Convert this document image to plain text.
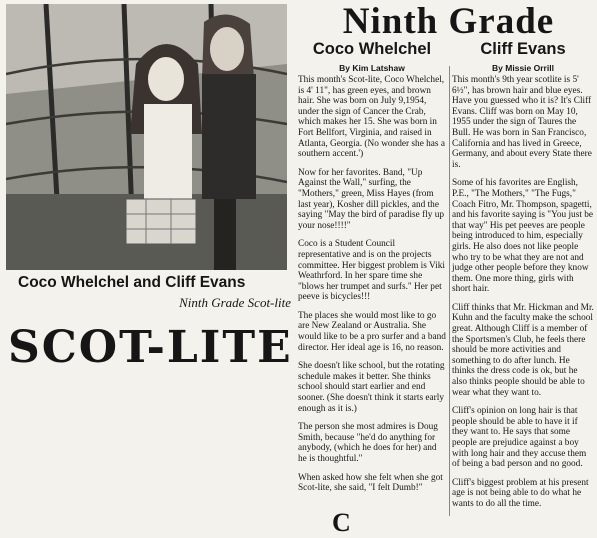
Coco Whelchel and Cliff Evans
Ninth Grade Scot-lite
SCOT-LITE
Ninth Grade
Coco Whelchel
By Kim Latshaw

This month's Scot-lite, Coco Whelchel, is 4' 11", has green eyes, and brown hair. She was born on July 9,1954, under the sign of Cancer the Crab, which makes her 15. She was born in Fort Bellfort, Virginia, and raised in Atlanta, Georgia. (No wonder she has a southern accent.')

Now for her favorites. Band, "Up Against the Wall," surfing, the "Mothers," green, Miss Hayes (from last year), Kosher dill pickles, and the saying "May the bird of paradise fly up your nose!!!!"

Coco is a Student Council representative and is on the projects committee. Her biggest problem is Viki Weathrford. In her spare time she "blows her trumpet and surfs." Her pet peeve is bicycles!!!

The places she would most like to go are New Zealand or Australia. She would like to be a pro surfer and a band director. Her ideal age is 16, no reason.

She doesn't like school, but the rotating schedule makes it better. She thinks school should start earlier and end sooner. (She doesn't think it starts early enough as it is.)

The person she most admires is Doug Smith, because "he'd do anything for anybody, (which he does for her) and he is thoughtful."

When asked how she felt when she got Scot-lite, she said, "I felt Dumb!"

Cliff Evans
By Missie Orrill

This month's 9th year scotlite is 5' 6½", has brown hair and blue eyes. Have you guessed who it is? It's Cliff Evans. Cliff was born on May 10, 1955 under the sign of Taures the Bull. He was born in San Francisco, California and has lived in Greece, Germany, and about every State there is.

Some of his favorites are English, P.E., "The Mothers," "The Fugs," Coach Fitro, Mr. Thompson, spagetti, and his favorite saying is "You just be that way" His pet peeves are people being introduced to him, especially girls. He also does not like people who try to be what they are not and judge other people before they know them. One more thing, girls with short hair.

Cliff thinks that Mr. Hickman and Mr. Kuhn and the faculty make the school great. Although Cliff is a member of the Sportsmen's Club, he feels there should be more activities and something to do after lunch. He thinks the dress code is ok, but he also thinks people should be able to wear what they want to.

Cliff's opinion on long hair is that people should be able to have it if they want to. He says that some people are prejudice against a boy with long hair and they accuse them of being a bad person and no good.

Cliff's biggest problem at his present age is not being able to do what he wants to do all the time.

C
